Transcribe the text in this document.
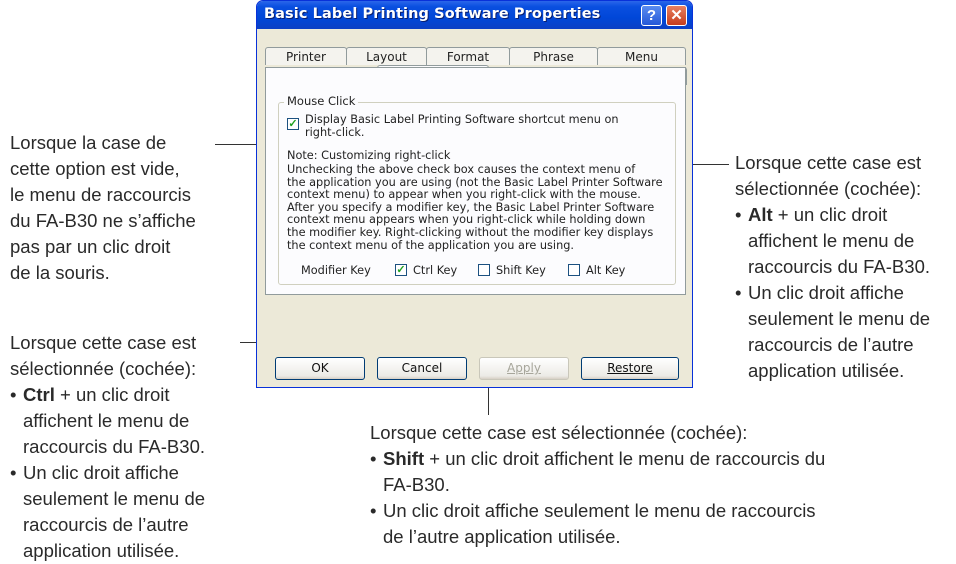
Lorsque la case de

cette option est vide,

le menu de raccourcis

du FA-B30 ne s’affiche

pas par un clic droit

de la souris.

Lorsque cette case est

sélectionnée (cochée):

• Ctrl + un clic droit
affichent le menu de
raccourcis du FA-B30.
• Un clic droit affiche
seulement le menu de
raccourcis de l’autre
application utilisée.

Lorsque cette case est

sélectionnée (cochée):

• Alt + un clic droit
affichent le menu de
raccourcis du FA-B30.
• Un clic droit affiche
seulement le menu de
raccourcis de l’autre
application utilisée.

Lorsque cette case est sélectionnée (cochée):

• Shift + un clic droit affichent le menu de raccourcis du
FA-B30.
• Un clic droit affiche seulement le menu de raccourcis
de l’autre application utilisée.
Basic Label Printing Software Properties	? ✕
Printer	Layout	Format	Phrase	Menu
Mouse Click
✓ Display Basic Label Printing Software shortcut menu on
right-click.
Note: Customizing right-click
Unchecking the above check box causes the context menu of
the application you are using (not the Basic Label Printer Software
context menu) to appear when you right-click with the mouse.
After you specify a modifier key, the Basic Label Printer Software
context menu appears when you right-click while holding down
the modifier key. Right-clicking without the modifier key displays
the context menu of the application you are using.
Modifier Key ✓ Ctrl Key	Shift Key	Alt Key
OK	Cancel	Apply	Restore
